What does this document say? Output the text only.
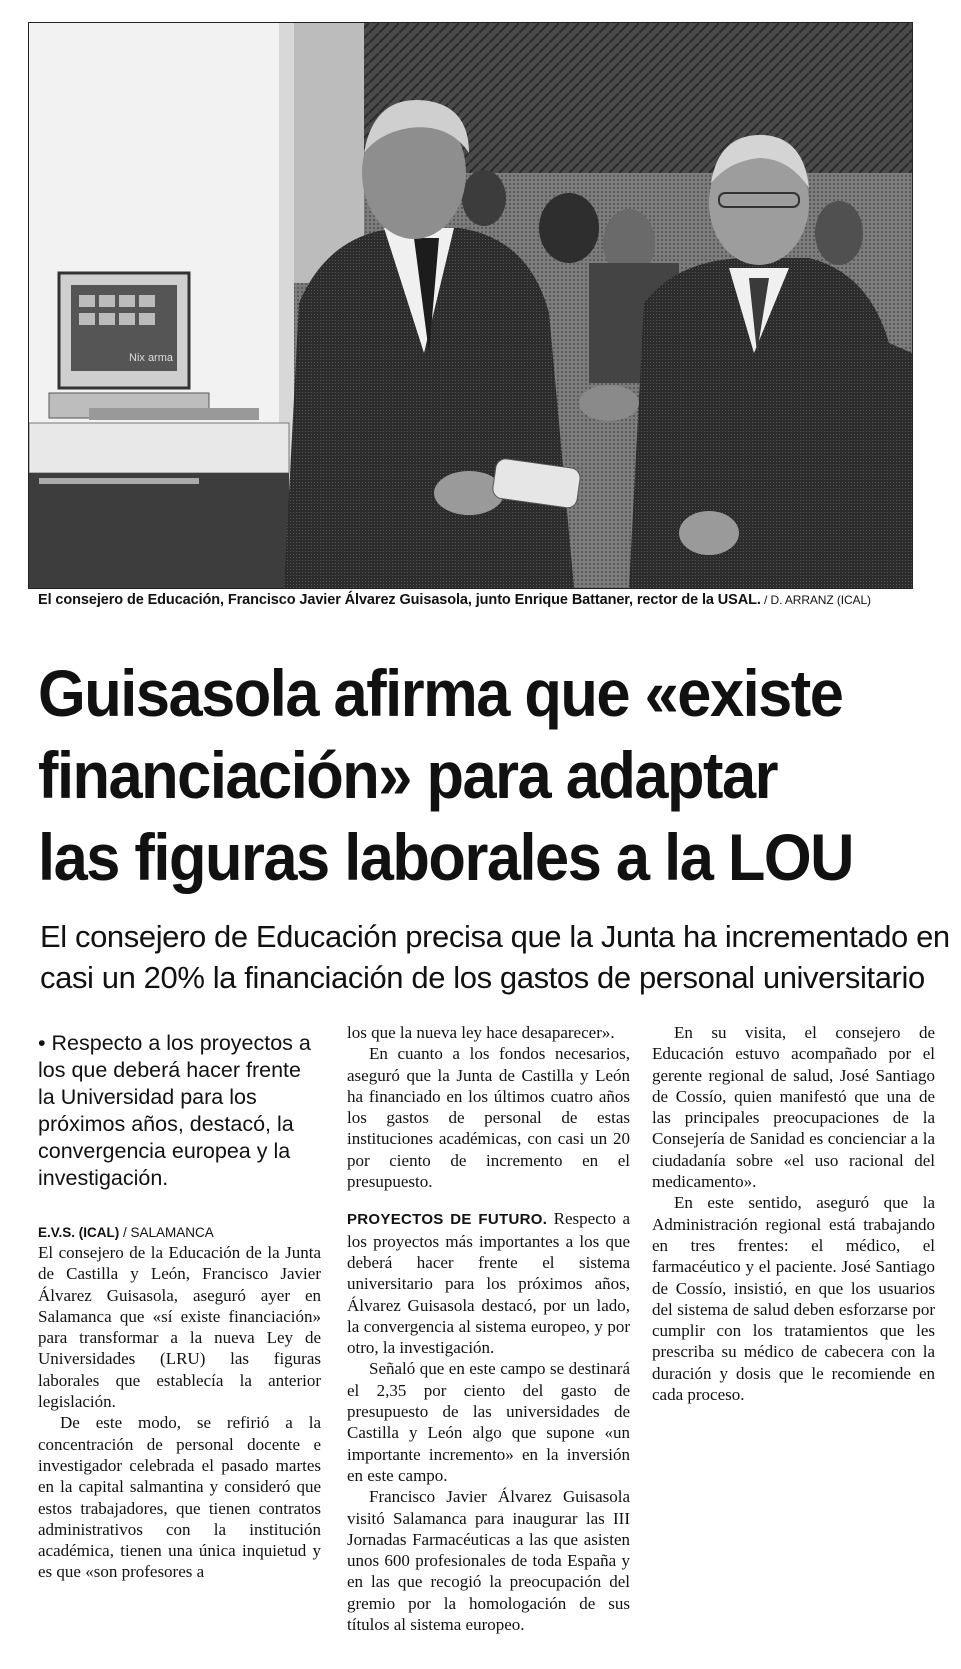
Nix arma
El consejero de Educación, Francisco Javier Álvarez Guisasola, junto Enrique Battaner, rector de la USAL. / D. ARRANZ (ICAL)
Guisasola afirma que «existe
financiación» para adaptar
las figuras laborales a la LOU
El consejero de Educación precisa que la Junta ha incrementado en
casi un 20% la financiación de los gastos de personal universitario

• Respecto a los proyectos a los que deberá hacer frente la Universidad para los próximos años, destacó, la convergencia europea y la investigación.

E.V.S. (ICAL) / SALAMANCA

El consejero de la Educación de la Junta de Castilla y León, Francisco Javier Álvarez Guisasola, aseguró ayer en Salamanca que «sí existe financiación» para transformar a la nueva Ley de Universidades (LRU) las figuras laborales que establecía la anterior legislación.

De este modo, se refirió a la concentración de personal docente e investigador celebrada el pasado martes en la capital salmantina y consideró que estos trabajadores, que tienen contratos administrativos con la institución académica, tienen una única inquietud y es que «son profesores a

los que la nueva ley hace desaparecer».

En cuanto a los fondos necesarios, aseguró que la Junta de Castilla y León ha financiado en los últimos cuatro años los gastos de personal de estas instituciones académicas, con casi un 20 por ciento de incremento en el presupuesto.

PROYECTOS DE FUTURO. Respecto a los proyectos más importantes a los que deberá hacer frente el sistema universitario para los próximos años, Álvarez Guisasola destacó, por un lado, la convergencia al sistema europeo, y por otro, la investigación.

Señaló que en este campo se destinará el 2,35 por ciento del gasto de presupuesto de las universidades de Castilla y León algo que supone «un importante incremento» en la inversión en este campo.

Francisco Javier Álvarez Guisasola visitó Salamanca para inaugurar las III Jornadas Farmacéuticas a las que asisten unos 600 profesionales de toda España y en las que recogió la preocupación del gremio por la homologación de sus títulos al sistema europeo.

En su visita, el consejero de Educación estuvo acompañado por el gerente regional de salud, José Santiago de Cossío, quien manifestó que una de las principales preocupaciones de la Consejería de Sanidad es concienciar a la ciudadanía sobre «el uso racional del medicamento».

En este sentido, aseguró que la Administración regional está trabajando en tres frentes: el médico, el farmacéutico y el paciente. José Santiago de Cossío, insistió, en que los usuarios del sistema de salud deben esforzarse por cumplir con los tratamientos que les prescriba su médico de cabecera con la duración y dosis que le recomiende en cada proceso.
